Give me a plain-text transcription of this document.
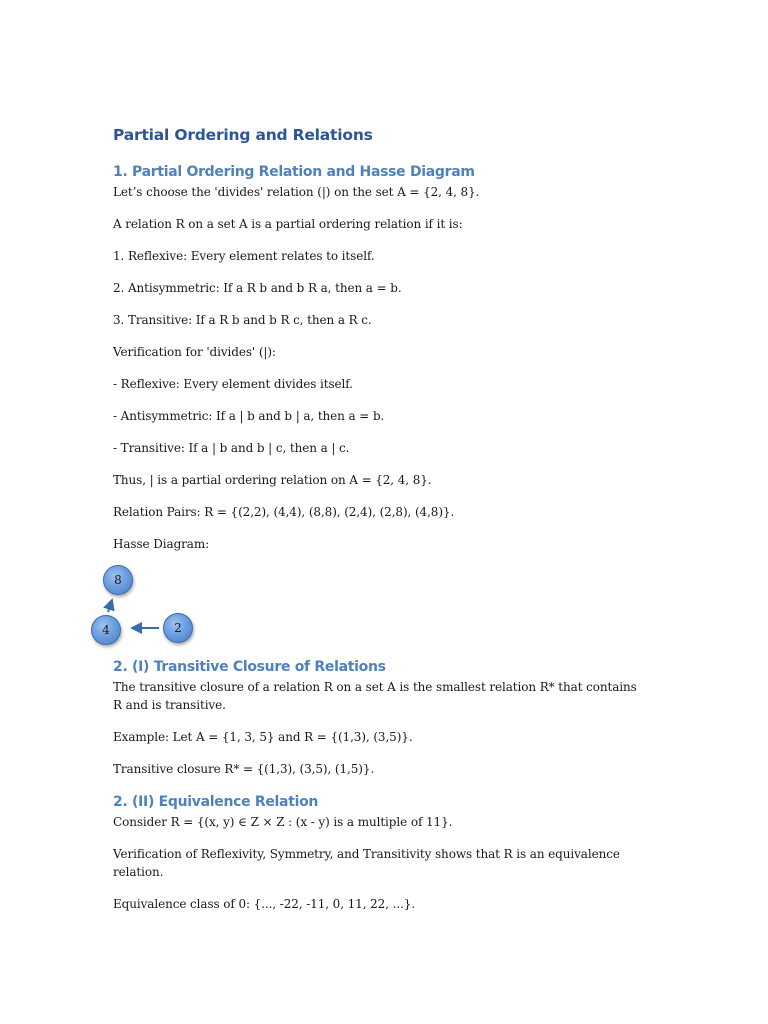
Partial Ordering and Relations
1. Partial Ordering Relation and Hasse Diagram

Let’s choose the 'divides' relation (|) on the set A = {2, 4, 8}.

A relation R on a set A is a partial ordering relation if it is:

1. Reflexive: Every element relates to itself.

2. Antisymmetric: If a R b and b R a, then a = b.

3. Transitive: If a R b and b R c, then a R c.

Verification for 'divides' (|):

- Reflexive: Every element divides itself.

- Antisymmetric: If a | b and b | a, then a = b.

- Transitive: If a | b and b | c, then a | c.

Thus, | is a partial ordering relation on A = {2, 4, 8}.

Relation Pairs: R = {(2,2), (4,4), (8,8), (2,4), (2,8), (4,8)}.

Hasse Diagram:

8
4	2
2. (I) Transitive Closure of Relations

The transitive closure of a relation R on a set A is the smallest relation R* that contains R and is transitive.

Example: Let A = {1, 3, 5} and R = {(1,3), (3,5)}.

Transitive closure R* = {(1,3), (3,5), (1,5)}.

2. (II) Equivalence Relation

Consider R = {(x, y) ∈ Z × Z : (x - y) is a multiple of 11}.

Verification of Reflexivity, Symmetry, and Transitivity shows that R is an equivalence relation.

Equivalence class of 0: {..., -22, -11, 0, 11, 22, ...}.
